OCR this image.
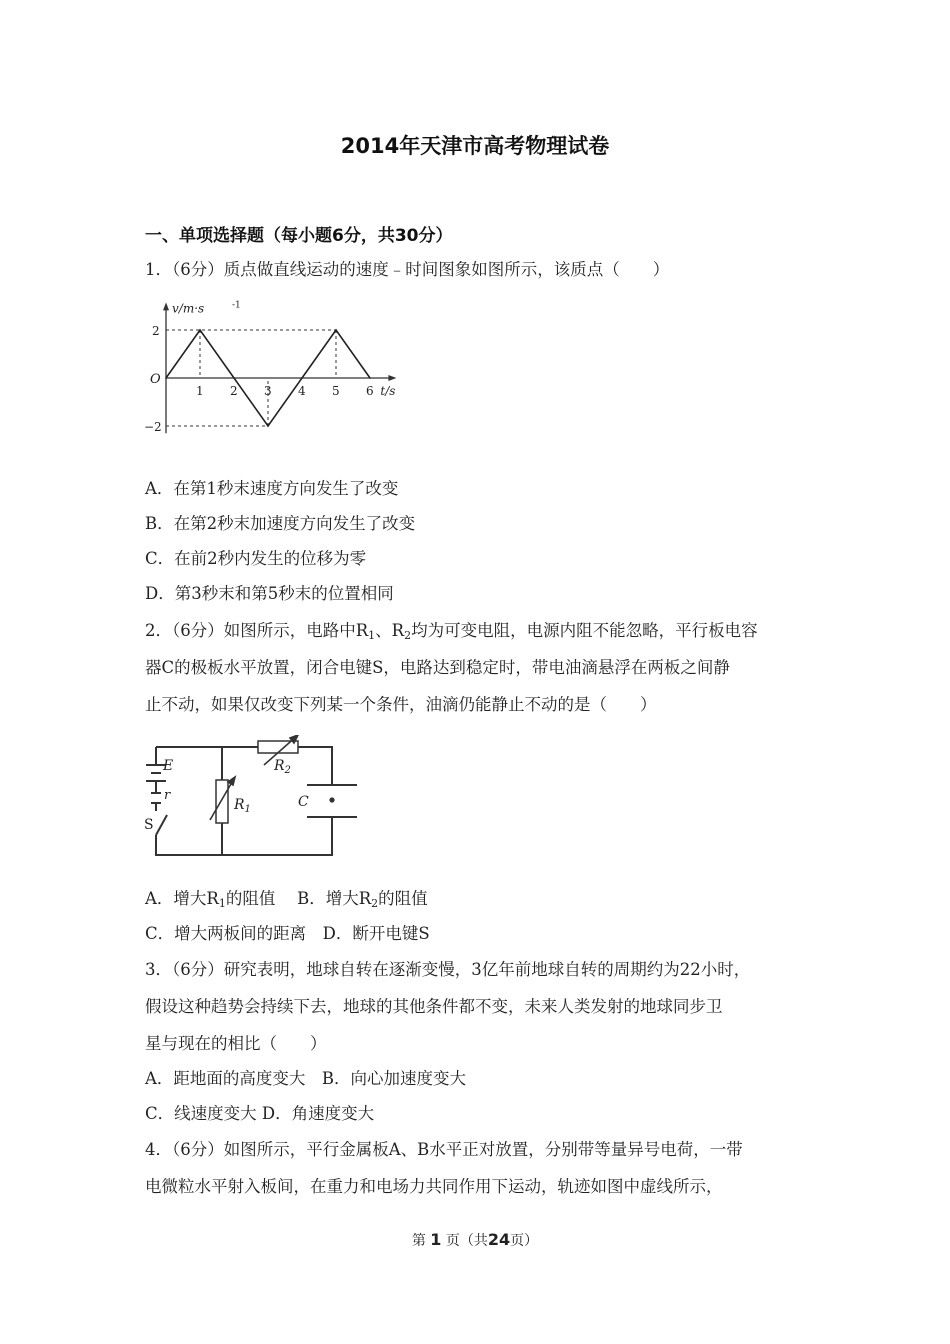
2014年天津市高考物理试卷
一、单项选择题（每小题6分，共30分）
1．（6分）质点做直线运动的速度﹣时间图象如图所示，该质点（　　）
1 2 3 4 5 6
2
−2
O
t/s
v/m·s	-1
A．在第1秒末速度方向发生了改变
B．在第2秒末加速度方向发生了改变
C．在前2秒内发生的位移为零
D．第3秒末和第5秒末的位置相同
2．（6分）如图所示，电路中$R_1$、$R_2$均为可变电阻，电源内阻不能忽略，平行板电容
器C的极板水平放置，闭合电键S，电路达到稳定时，带电油滴悬浮在两板之间静
止不动，如果仅改变下列某一个条件，油滴仍能静止不动的是（　　）
E
r
S
$R_1$
$R_2$
C
A．增大$R_1$的阻值　 B．增大$R_2$的阻值
C．增大两板间的距离　D．断开电键S
3．（6分）研究表明，地球自转在逐渐变慢，3亿年前地球自转的周期约为22小时，
假设这种趋势会持续下去，地球的其他条件都不变，未来人类发射的地球同步卫
星与现在的相比（　　）
A．距地面的高度变大　B．向心加速度变大
C．线速度变大 D．角速度变大
4．（6分）如图所示，平行金属板A、B水平正对放置，分别带等量异号电荷，一带
电微粒水平射入板间，在重力和电场力共同作用下运动，轨迹如图中虚线所示，
第 1 页（共24页）
